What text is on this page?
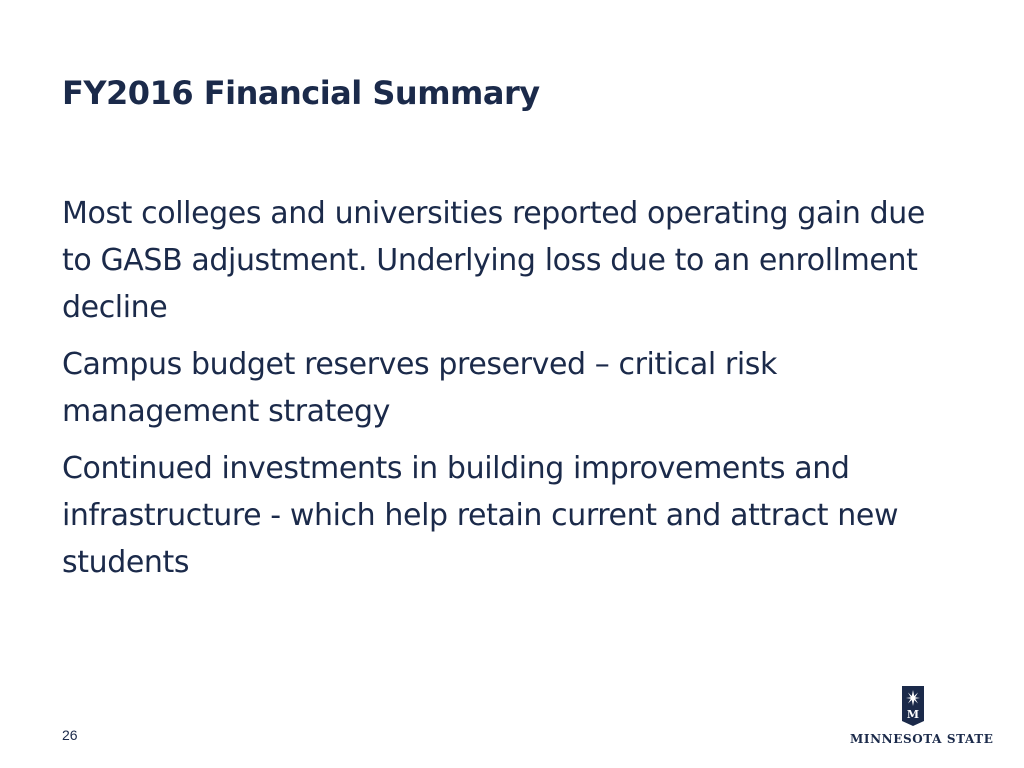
FY2016 Financial Summary
Most colleges and universities reported operating gain due to GASB adjustment. Underlying loss due to an enrollment decline
Campus budget reserves preserved – critical risk management strategy
Continued investments in building improvements and infrastructure - which help retain current and attract new students
26
M
MINNESOTA STATE
